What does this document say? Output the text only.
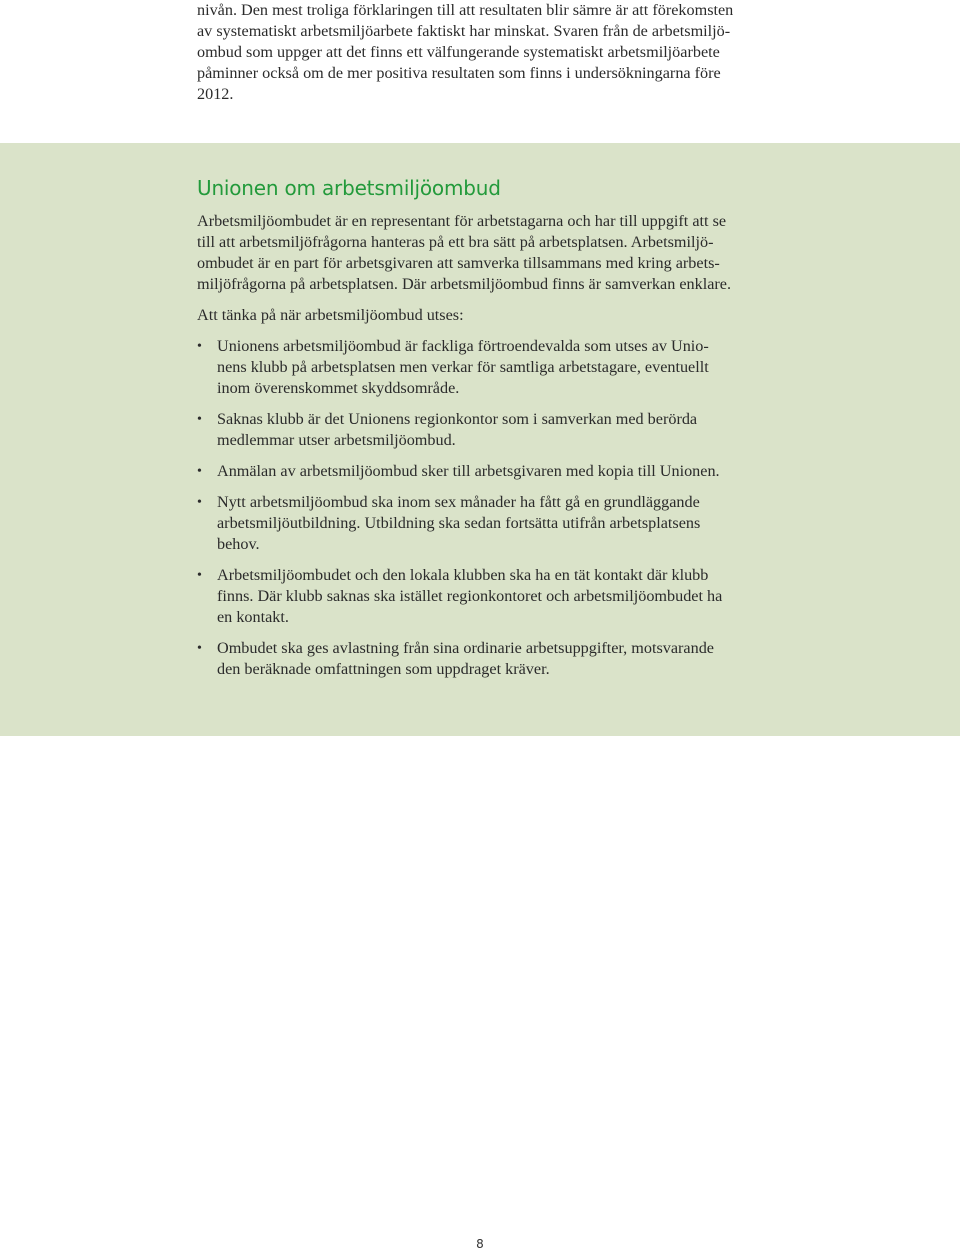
nivån. Den mest troliga förklaringen till att resultaten blir sämre är att förekomsten
av systematiskt arbetsmiljöarbete faktiskt har minskat. Svaren från de arbetsmiljö-
ombud som uppger att det finns ett välfungerande systematiskt arbetsmiljöarbete
påminner också om de mer positiva resultaten som finns i undersökningarna före
2012.
Unionen om arbetsmiljöombud
Arbetsmiljöombudet är en representant för arbetstagarna och har till uppgift att se
till att arbetsmiljöfrågorna hanteras på ett bra sätt på arbetsplatsen. Arbetsmiljö-
ombudet är en part för arbetsgivaren att samverka tillsammans med kring arbets-
miljöfrågorna på arbetsplatsen. Där arbetsmiljöombud finns är samverkan enklare.
Att tänka på när arbetsmiljöombud utses:
• Unionens arbetsmiljöombud är fackliga förtroendevalda som utses av Unio-
nens klubb på arbetsplatsen men verkar för samtliga arbetstagare, eventuellt
inom överenskommet skyddsområde.
• Saknas klubb är det Unionens regionkontor som i samverkan med berörda
medlemmar utser arbetsmiljöombud.
• Anmälan av arbetsmiljöombud sker till arbetsgivaren med kopia till Unionen.
• Nytt arbetsmiljöombud ska inom sex månader ha fått gå en grundläggande
arbetsmiljöutbildning. Utbildning ska sedan fortsätta utifrån arbetsplatsens
behov.
• Arbetsmiljöombudet och den lokala klubben ska ha en tät kontakt där klubb
finns. Där klubb saknas ska istället regionkontoret och arbetsmiljöombudet ha
en kontakt.
• Ombudet ska ges avlastning från sina ordinarie arbetsuppgifter, motsvarande
den beräknade omfattningen som uppdraget kräver.
8
